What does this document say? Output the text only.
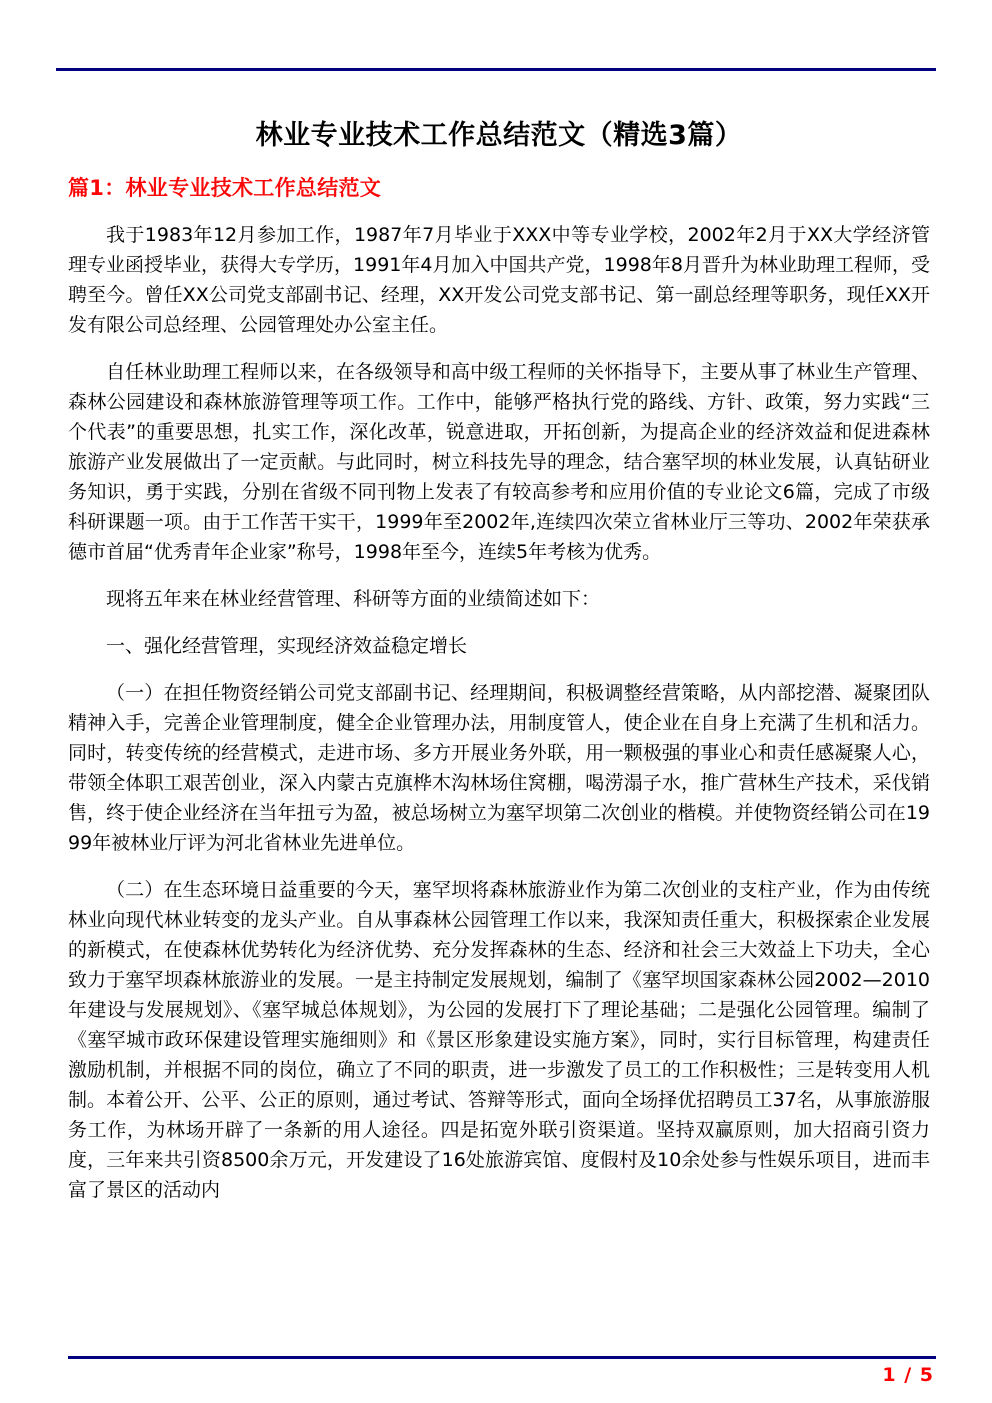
林业专业技术工作总结范文（精选3篇）
篇1：林业专业技术工作总结范文

我于1983年12月参加工作，1987年7月毕业于XXX中等专业学校，2002年2月于XX大学经济管理专业函授毕业，获得大专学历，1991年4月加入中国共产党，1998年8月晋升为林业助理工程师，受聘至今。曾任XX公司党支部副书记、经理，XX开发公司党支部书记、第一副总经理等职务，现任XX开发有限公司总经理、公园管理处办公室主任。

自任林业助理工程师以来，在各级领导和高中级工程师的关怀指导下，主要从事了林业生产管理、森林公园建设和森林旅游管理等项工作。工作中，能够严格执行党的路线、方针、政策，努力实践“三个代表”的重要思想，扎实工作，深化改革，锐意进取，开拓创新，为提高企业的经济效益和促进森林旅游产业发展做出了一定贡献。与此同时，树立科技先导的理念，结合塞罕坝的林业发展，认真钻研业务知识，勇于实践，分别在省级不同刊物上发表了有较高参考和应用价值的专业论文6篇，完成了市级科研课题一项。由于工作苦干实干，1999年至2002年,连续四次荣立省林业厅三等功、2002年荣获承德市首届“优秀青年企业家”称号，1998年至今，连续5年考核为优秀。

现将五年来在林业经营管理、科研等方面的业绩简述如下：

一、强化经营管理，实现经济效益稳定增长

（一）在担任物资经销公司党支部副书记、经理期间，积极调整经营策略，从内部挖潜、凝聚团队精神入手，完善企业管理制度，健全企业管理办法，用制度管人，使企业在自身上充满了生机和活力。同时，转变传统的经营模式，走进市场、多方开展业务外联，用一颗极强的事业心和责任感凝聚人心，带领全体职工艰苦创业，深入内蒙古克旗桦木沟林场住窝棚，喝涝溻子水，推广营林生产技术，采伐销售，终于使企业经济在当年扭亏为盈，被总场树立为塞罕坝第二次创业的楷模。并使物资经销公司在1999年被林业厅评为河北省林业先进单位。

（二）在生态环境日益重要的今天，塞罕坝将森林旅游业作为第二次创业的支柱产业，作为由传统林业向现代林业转变的龙头产业。自从事森林公园管理工作以来，我深知责任重大，积极探索企业发展的新模式，在使森林优势转化为经济优势、充分发挥森林的生态、经济和社会三大效益上下功夫，全心致力于塞罕坝森林旅游业的发展。一是主持制定发展规划，编制了《塞罕坝国家森林公园2002—2010年建设与发展规划》、《塞罕城总体规划》，为公园的发展打下了理论基础；二是强化公园管理。编制了《塞罕城市政环保建设管理实施细则》和《景区形象建设实施方案》，同时，实行目标管理，构建责任激励机制，并根据不同的岗位，确立了不同的职责，进一步激发了员工的工作积极性；三是转变用人机制。本着公开、公平、公正的原则，通过考试、答辩等形式，面向全场择优招聘员工37名，从事旅游服务工作，为林场开辟了一条新的用人途径。四是拓宽外联引资渠道。坚持双赢原则，加大招商引资力度，三年来共引资8500余万元，开发建设了16处旅游宾馆、度假村及10余处参与性娱乐项目，进而丰富了景区的活动内

1 / 5
